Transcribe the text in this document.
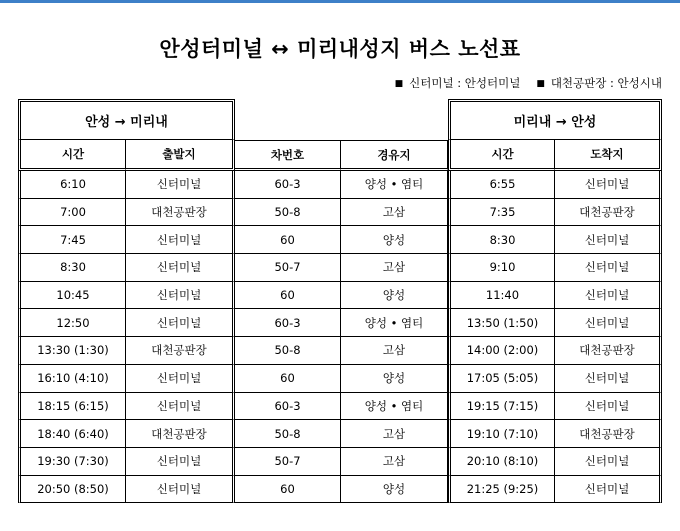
안성터미널 ↔ 미리내성지 버스 노선표
■ 신터미널 : 안성터미널 ■ 대천공판장 : 안성시내
안성 → 미리내				미리내 → 안성	
시간	출발지	차번호	경유지	시간	도착지
6:10	신터미널	60-3	양성 • 염티	6:55	신터미널
7:00	대천공판장	50-8	고삼	7:35	대천공판장
7:45	신터미널	60	양성	8:30	신터미널
8:30	신터미널	50-7	고삼	9:10	신터미널
10:45	신터미널	60	양성	11:40	신터미널
12:50	신터미널	60-3	양성 • 염티	13:50 (1:50)	신터미널
13:30 (1:30)	대천공판장	50-8	고삼	14:00 (2:00)	대천공판장
16:10 (4:10)	신터미널	60	양성	17:05 (5:05)	신터미널
18:15 (6:15)	신터미널	60-3	양성 • 염티	19:15 (7:15)	신터미널
18:40 (6:40)	대천공판장	50-8	고삼	19:10 (7:10)	대천공판장
19:30 (7:30)	신터미널	50-7	고삼	20:10 (8:10)	신터미널
20:50 (8:50)	신터미널	60	양성	21:25 (9:25)	신터미널
